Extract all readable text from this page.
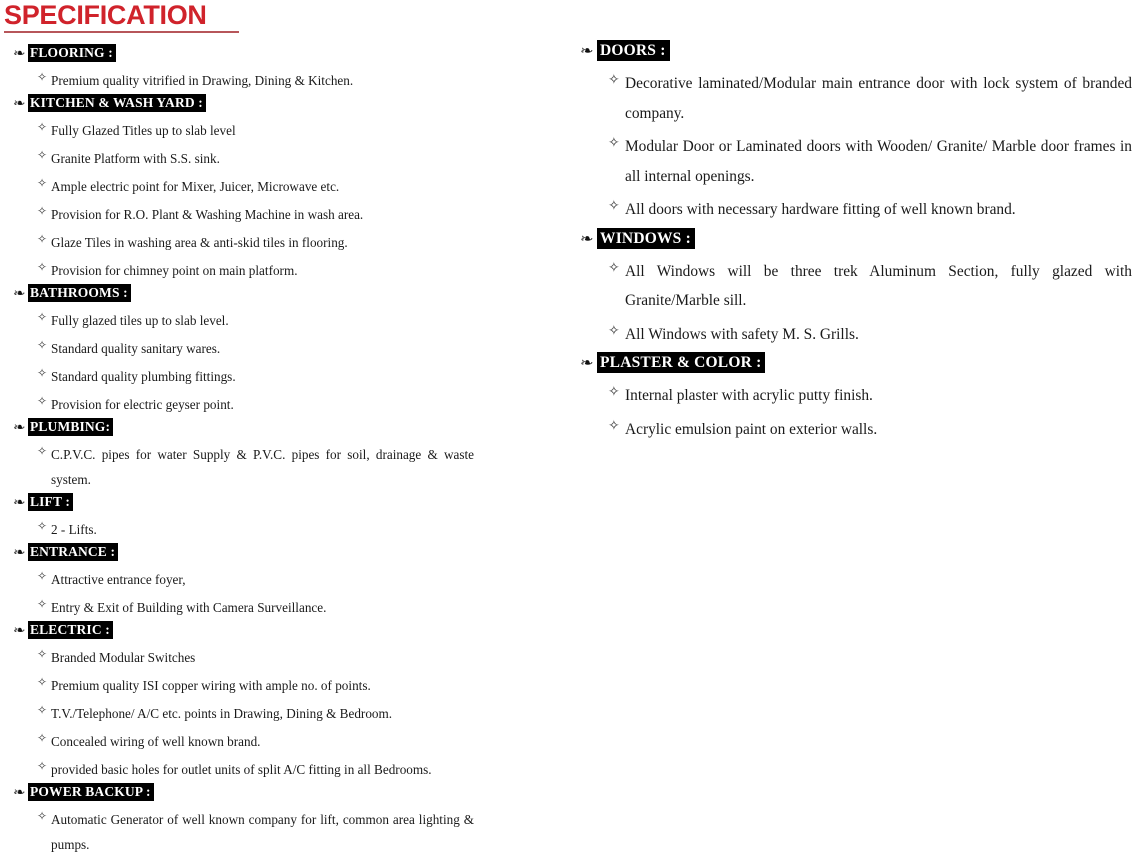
SPECIFICATION
❧ FLOORING :
✧ Premium quality vitrified in Drawing, Dining & Kitchen.
❧ KITCHEN & WASH YARD :
✧ Fully Glazed Titles up to slab level
✧ Granite Platform with S.S. sink.
✧ Ample electric point for Mixer, Juicer, Microwave etc.
✧ Provision for R.O. Plant & Washing Machine in wash area.
✧ Glaze Tiles in washing area & anti-skid tiles in flooring.
✧ Provision for chimney point on main platform.
❧ BATHROOMS :
✧ Fully glazed tiles up to slab level.
✧ Standard quality sanitary wares.
✧ Standard quality plumbing fittings.
✧ Provision for electric geyser point.
❧ PLUMBING:
✧ C.P.V.C. pipes for water Supply & P.V.C. pipes for soil, drainage & waste system.
❧ LIFT :
✧ 2 - Lifts.
❧ ENTRANCE :
✧ Attractive entrance foyer,
✧ Entry & Exit of Building with Camera Surveillance.
❧ ELECTRIC :
✧ Branded Modular Switches
✧ Premium quality ISI copper wiring with ample no. of points.
✧ T.V./Telephone/ A/C etc. points in Drawing, Dining & Bedroom.
✧ Concealed wiring of well known brand.
✧ provided basic holes for outlet units of split A/C fitting in all Bedrooms.
❧ POWER BACKUP :
✧ Automatic Generator of well known company for lift, common area lighting & pumps.
❧ DOORS :
✧ Decorative laminated/Modular main entrance door with lock system of branded company.
✧ Modular Door or Laminated doors with Wooden/ Granite/ Marble door frames in all internal openings.
✧ All doors with necessary hardware fitting of well known brand.
❧ WINDOWS :
✧ All Windows will be three trek Aluminum Section, fully glazed with Granite/Marble sill.
✧ All Windows with safety M. S. Grills.
❧ PLASTER & COLOR :
✧ Internal plaster with acrylic putty finish.
✧ Acrylic emulsion paint on exterior walls.
